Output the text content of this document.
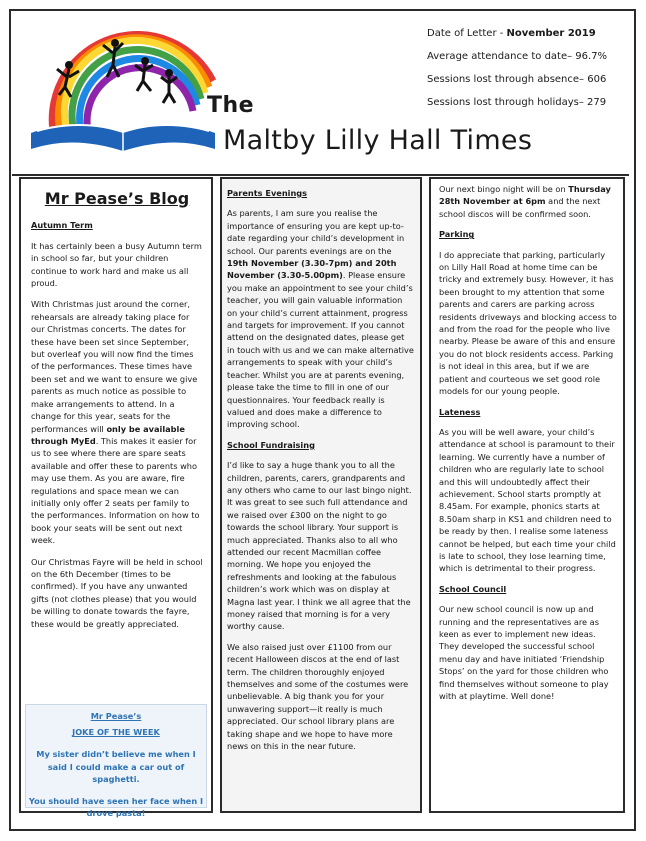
The
Maltby Lilly Hall Times
Date of Letter - November 2019
Average attendance to date– 96.7%
Sessions lost through absence– 606
Sessions lost through holidays– 279
Mr Pease’s Blog
Autumn Term
It has certainly been a busy Autumn term in school so far, but your children continue to work hard and make us all proud.
With Christmas just around the corner, rehearsals are already taking place for our Christmas concerts. The dates for these have been set since September, but overleaf you will now find the times of the performances. These times have been set and we want to ensure we give parents as much notice as possible to make arrangements to attend. In a change for this year, seats for the performances will only be available through MyEd. This makes it easier for us to see where there are spare seats available and offer these to parents who may use them. As you are aware, fire regulations and space mean we can initially only offer 2 seats per family to the performances. Information on how to book your seats will be sent out next week.
Our Christmas Fayre will be held in school on the 6th December (times to be confirmed). If you have any unwanted gifts (not clothes please) that you would be willing to donate towards the fayre, these would be greatly appreciated.
Mr Pease’s
JOKE OF THE WEEK
My sister didn’t believe me when I said I could make a car out of spaghetti.
You should have seen her face when I drove pasta!
Parents Evenings
As parents, I am sure you realise the importance of ensuring you are kept up-to-date regarding your child’s development in school. Our parents evenings are on the 19th November (3.30-7pm) and 20th November (3.30-5.00pm). Please ensure you make an appointment to see your child’s teacher, you will gain valuable information on your child’s current attainment, progress and targets for improvement. If you cannot attend on the designated dates, please get in touch with us and we can make alternative arrangements to speak with your child’s teacher. Whilst you are at parents evening, please take the time to fill in one of our questionnaires. Your feedback really is valued and does make a difference to improving school.
School Fundraising
I’d like to say a huge thank you to all the children, parents, carers, grandparents and any others who came to our last bingo night. It was great to see such full attendance and we raised over £300 on the night to go towards the school library. Your support is much appreciated. Thanks also to all who attended our recent Macmillan coffee morning. We hope you enjoyed the refreshments and looking at the fabulous children’s work which was on display at Magna last year. I think we all agree that the money raised that morning is for a very worthy cause.
We also raised just over £1100 from our recent Halloween discos at the end of last term. The children thoroughly enjoyed themselves and some of the costumes were unbelievable. A big thank you for your unwavering support—it really is much appreciated. Our school library plans are taking shape and we hope to have more news on this in the near future.
Our next bingo night will be on Thursday 28th November at 6pm and the next school discos will be confirmed soon.
Parking
I do appreciate that parking, particularly on Lilly Hall Road at home time can be tricky and extremely busy. However, it has been brought to my attention that some parents and carers are parking across residents driveways and blocking access to and from the road for the people who live nearby. Please be aware of this and ensure you do not block residents access. Parking is not ideal in this area, but if we are patient and courteous we set good role models for our young people.
Lateness
As you will be well aware, your child’s attendance at school is paramount to their learning. We currently have a number of children who are regularly late to school and this will undoubtedly affect their achievement. School starts promptly at 8.45am. For example, phonics starts at 8.50am sharp in KS1 and children need to be ready by then. I realise some lateness cannot be helped, but each time your child is late to school, they lose learning time, which is detrimental to their progress.
School Council
Our new school council is now up and running and the representatives are as keen as ever to implement new ideas. They developed the successful school menu day and have initiated ‘Friendship Stops’ on the yard for those children who find themselves without someone to play with at playtime. Well done!
